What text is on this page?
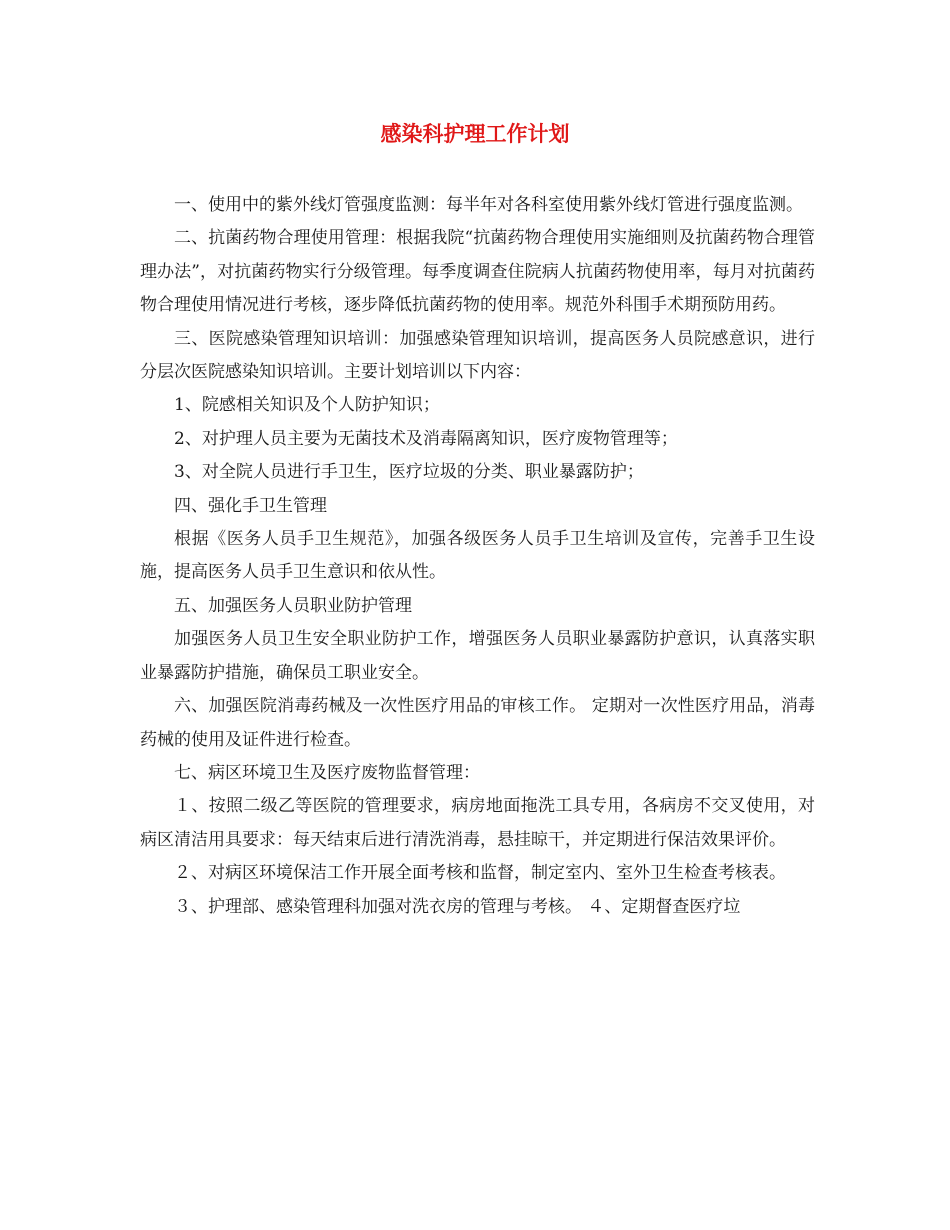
感染科护理工作计划

一、使用中的紫外线灯管强度监测：每半年对各科室使用紫外线灯管进行强度监测。

二、抗菌药物合理使用管理：根据我院“抗菌药物合理使用实施细则及抗菌药物合理管理办法”，对抗菌药物实行分级管理。每季度调查住院病人抗菌药物使用率，每月对抗菌药物合理使用情况进行考核，逐步降低抗菌药物的使用率。规范外科围手术期预防用药。

三、医院感染管理知识培训：加强感染管理知识培训，提高医务人员院感意识，进行分层次医院感染知识培训。主要计划培训以下内容：

1、院感相关知识及个人防护知识；

2、对护理人员主要为无菌技术及消毒隔离知识，医疗废物管理等；

3、对全院人员进行手卫生，医疗垃圾的分类、职业暴露防护；

四、强化手卫生管理

根据《医务人员手卫生规范》，加强各级医务人员手卫生培训及宣传，完善手卫生设施，提高医务人员手卫生意识和依从性。

五、加强医务人员职业防护管理

加强医务人员卫生安全职业防护工作，增强医务人员职业暴露防护意识，认真落实职业暴露防护措施，确保员工职业安全。

六、加强医院消毒药械及一次性医疗用品的审核工作。 定期对一次性医疗用品，消毒药械的使用及证件进行检查。

七、病区环境卫生及医疗废物监督管理：

１、按照二级乙等医院的管理要求，病房地面拖洗工具专用，各病房不交叉使用，对病区清洁用具要求：每天结束后进行清洗消毒，悬挂晾干，并定期进行保洁效果评价。

２、对病区环境保洁工作开展全面考核和监督，制定室内、室外卫生检查考核表。

３、护理部、感染管理科加强对洗衣房的管理与考核。 ４、定期督查医疗垃
